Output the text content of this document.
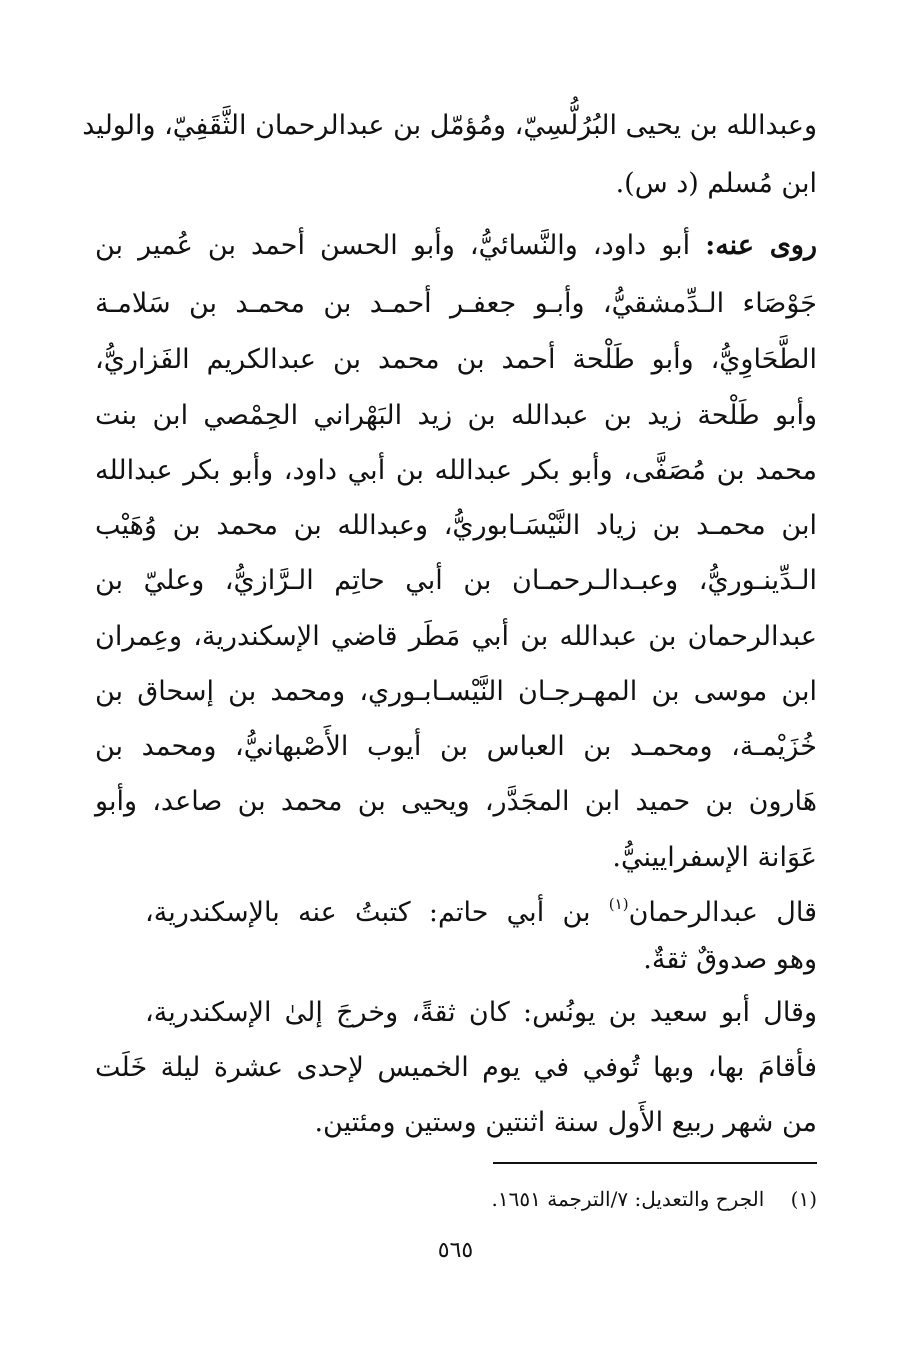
وعبدالله بن يحيى البُرُلُّسِيّ، ومُؤمّل بن عبدالرحمان الثَّقَفِيّ، والوليد
ابن مُسلم (د س).
روى عنه: أبو داود، والنَّسائيُّ، وأبو الحسن أحمد بن عُمير بن
جَوْصَاء الـدِّمشقيُّ، وأبـو جعفـر أحمـد بن محمـد بن سَلامـة
الطَّحَاوِيُّ، وأبو طَلْحة أحمد بن محمد بن عبدالكريم الفَزاريُّ،
وأبو طَلْحة زيد بن عبدالله بن زيد البَهْراني الحِمْصي ابن بنت
محمد بن مُصَفَّى، وأبو بكر عبدالله بن أبي داود، وأبو بكر عبدالله
ابن محمـد بن زياد النَّيْسَـابوريُّ، وعبدالله بن محمد بن وُهَيْب
الـدِّينـوريُّ، وعبـدالـرحمـان بن أبي حاتِم الـرَّازيُّ، وعليّ بن
عبدالرحمان بن عبدالله بن أبي مَطَر قاضي الإسكندرية، وعِمران
ابن موسى بن المهـرجـان النَّيْسـابـوري، ومحمد بن إسحاق بن
خُزَيْمـة، ومحمـد بن العباس بن أيوب الأَصْبهانيُّ، ومحمد بن
هَارون بن حميد ابن المجَدَّر، ويحيى بن محمد بن صاعد، وأبو
عَوَانة الإسفرايينيُّ.
قال عبدالرحمان$^{(١)}$ بن أبي حاتم: كتبتُ عنه بالإسكندرية،
وهو صدوقٌ ثقةٌ.
وقال أبو سعيد بن يونُس: كان ثقةً، وخرجَ إلىٰ الإسكندرية،
فأقامَ بها، وبها تُوفي في يوم الخميس لإحدى عشرة ليلة خَلَت
من شهر ربيع الأَول سنة اثنتين وستين ومئتين.
(١) الجرح والتعديل: ٧/الترجمة ١٦٥١.
٥٦٥
